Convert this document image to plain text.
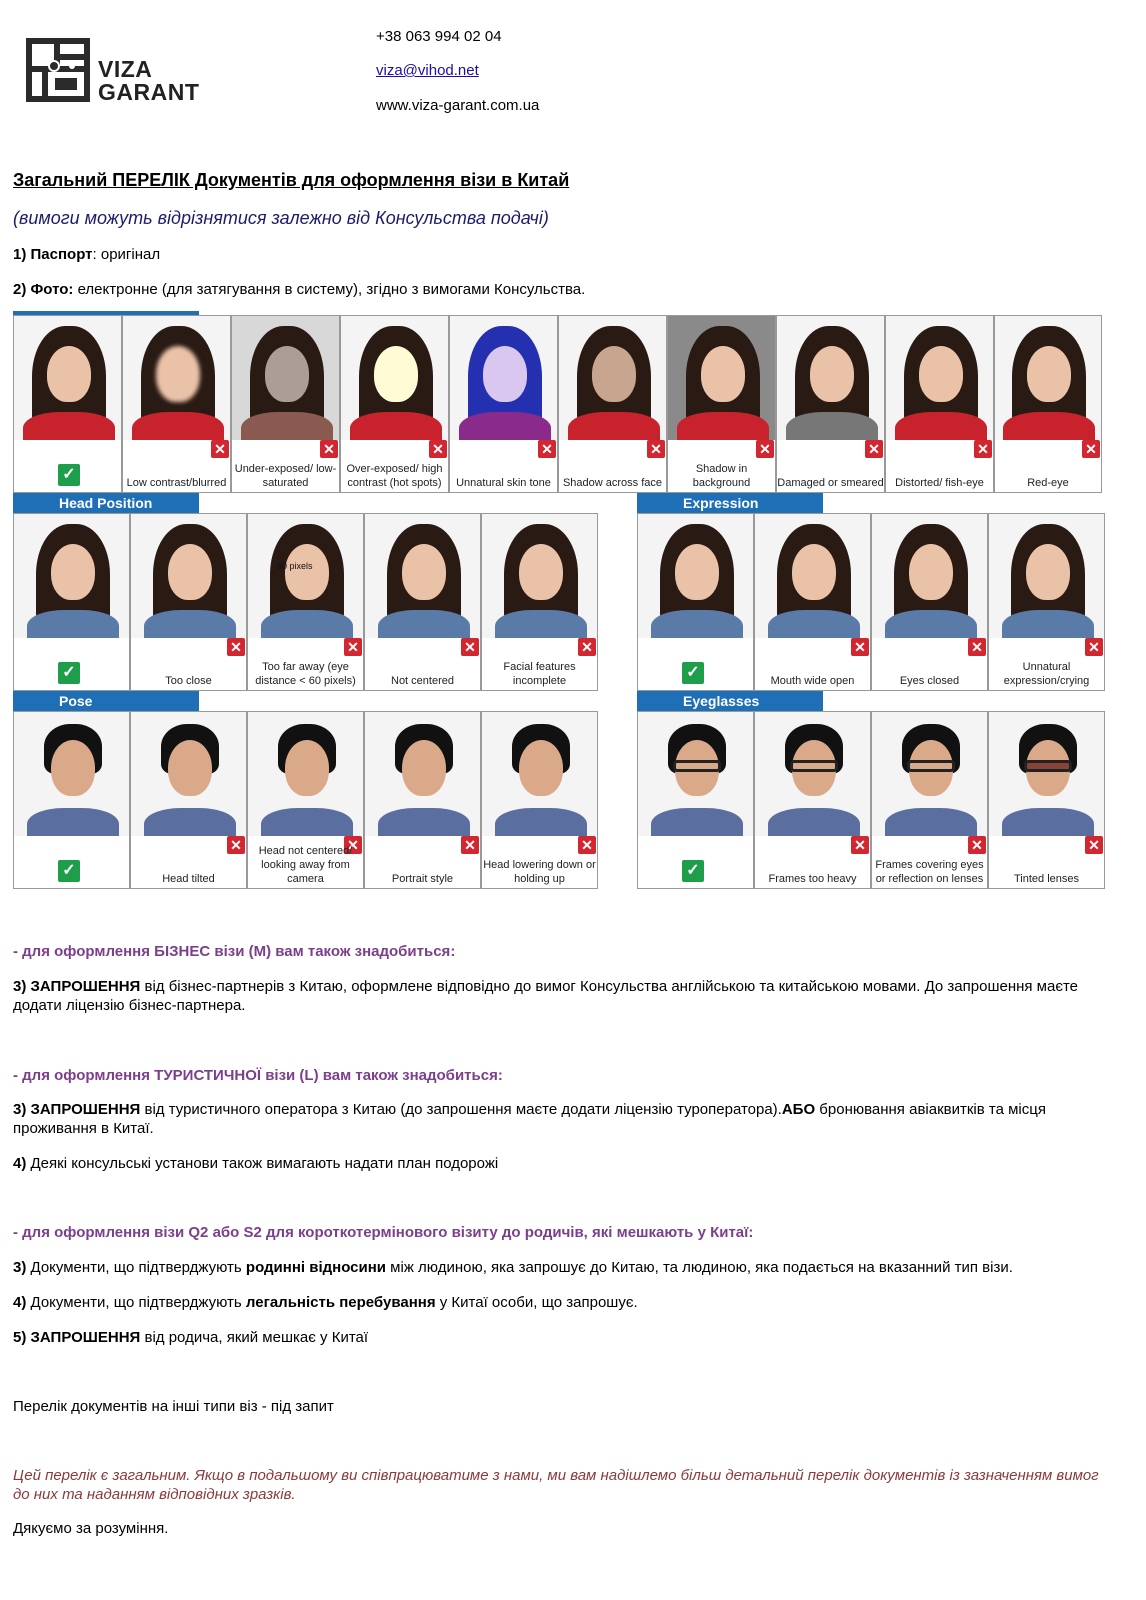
VIZA
GARANT
+38 063 994 02 04
viza@vihod.net
www.viza-garant.com.ua
Загальний ПЕРЕЛІК Документів для оформлення візи в Китай
(вимоги можуть відрізнятися залежно від Консульства подачі)
1) Паспорт: оригінал
2) Фото: електронне (для затягування в систему), згідно з вимогами Консульства.
✓
✕
Low contrast/blurred
✕
Under-exposed/ low-saturated
✕
Over-exposed/ high contrast (hot spots)
✕
Unnatural skin tone
✕
Shadow across face
✕
Shadow in background
✕
Damaged or smeared
✕
Distorted/ fish-eye
✕
Red-eye
Head Position	Expression
✓
✕
Too close
✕
Too far away (eye distance < 60 pixels)
✕
Not centered
✕
Facial features incomplete	✓
✕
Mouth wide open
✕
Eyes closed
✕
Unnatural expression/crying
Pose	Eyeglasses
✓
✕
Head tilted
✕
Head not centered/ looking away from camera
✕
Portrait style
✕
Head lowering down or holding up	✓
✕
Frames too heavy
✕
Frames covering eyes or reflection on lenses
✕
Tinted lenses
60 pixels
- для оформлення БІЗНЕС візи (М) вам також знадобиться:
3) ЗАПРОШЕННЯ від бізнес-партнерів з Китаю, оформлене відповідно до вимог Консульства англійською та китайською мовами. До запрошення маєте додати ліцензію бізнес-партнера.
- для оформлення ТУРИСТИЧНОЇ візи (L) вам також знадобиться:
3) ЗАПРОШЕННЯ від туристичного оператора з Китаю (до запрошення маєте додати ліцензію туроператора).АБО бронювання авіаквитків та місця проживання в Китаї.
4) Деякі консульські установи також вимагають надати план подорожі
- для оформлення візи Q2 або S2 для короткотермінового візиту до родичів, які мешкають у Китаї:
3) Документи, що підтверджують родинні відносини між людиною, яка запрошує до Китаю, та людиною, яка подається на вказанний тип візи.
4) Документи, що підтверджують легальність перебування у Китаї особи, що запрошує.
5) ЗАПРОШЕННЯ від родича, який мешкає у Китаї
Перелік документів на інші типи віз - під запит
Цей перелік є загальним. Якщо в подальшому ви співпрацюватиме з нами, ми вам надішлемо більш детальний перелік документів із зазначенням вимог до них та наданням відповідних зразків.
Дякуємо за розуміння.
